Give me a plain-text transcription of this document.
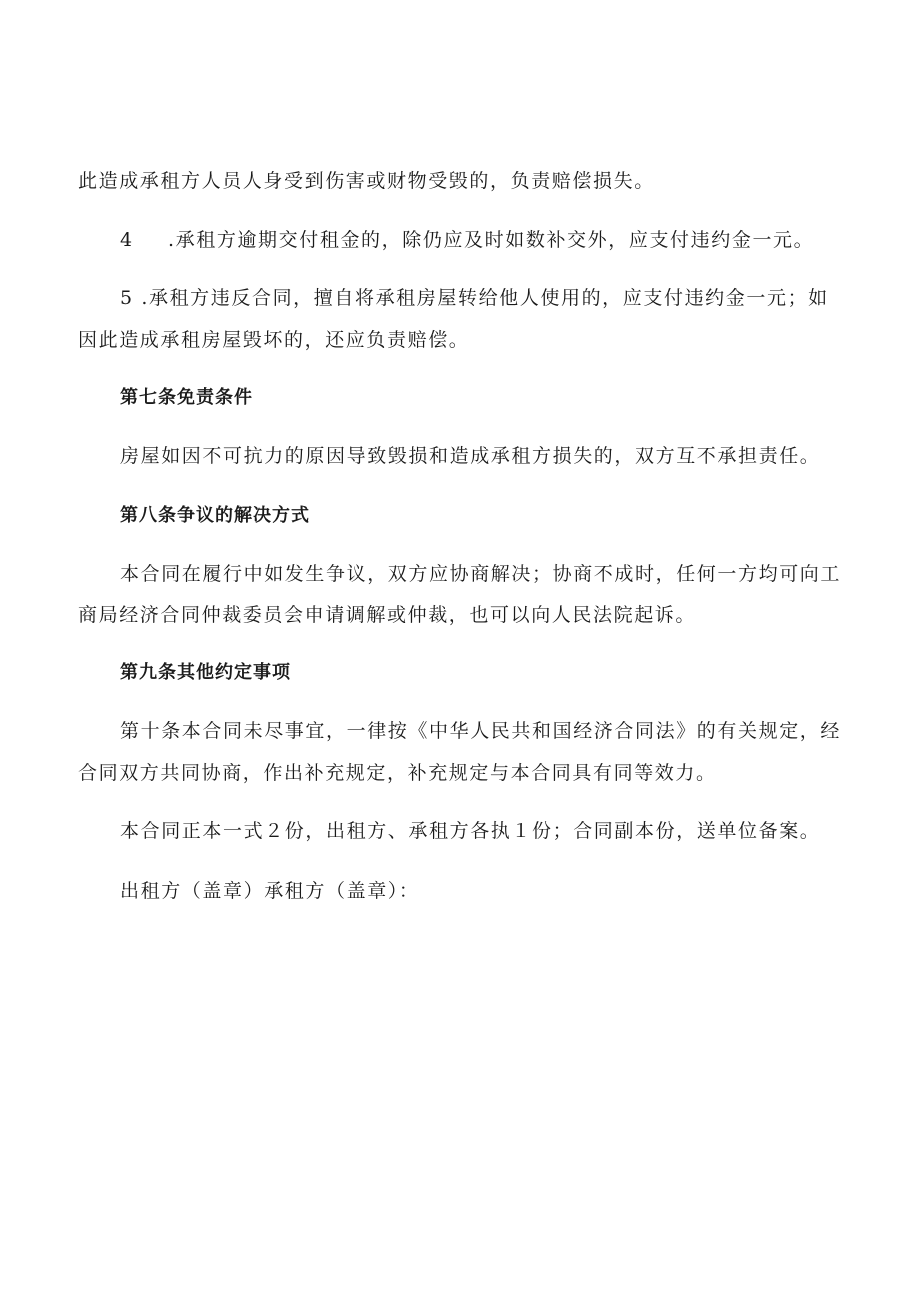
此造成承租方人员人身受到伤害或财物受毁的，负责赔偿损失。
4 .承租方逾期交付租金的，除仍应及时如数补交外，应支付违约金一元。
5 .承租方违反合同，擅自将承租房屋转给他人使用的，应支付违约金一元；如
因此造成承租房屋毁坏的，还应负责赔偿。
第七条免责条件
房屋如因不可抗力的原因导致毁损和造成承租方损失的，双方互不承担责任。
第八条争议的解决方式
本合同在履行中如发生争议，双方应协商解决；协商不成时，任何一方均可向工
商局经济合同仲裁委员会申请调解或仲裁，也可以向人民法院起诉。
第九条其他约定事项
第十条本合同未尽事宜，一律按《中华人民共和国经济合同法》的有关规定，经
合同双方共同协商，作出补充规定，补充规定与本合同具有同等效力。
本合同正本一式２份，出租方、承租方各执１份；合同副本份，送单位备案。
出租方（盖章）承租方（盖章）：
